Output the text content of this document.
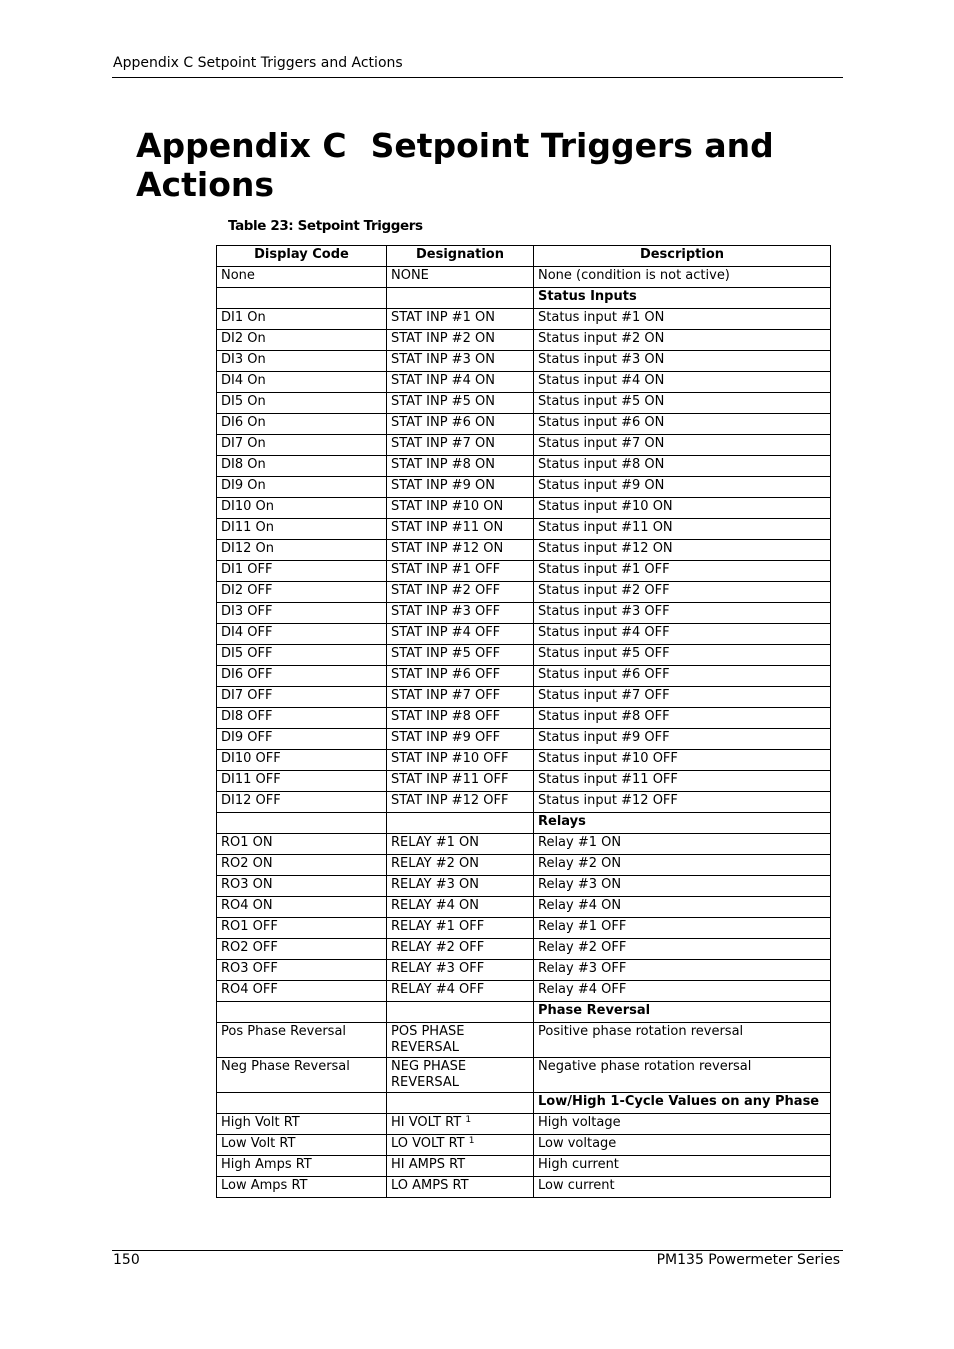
Appendix C Setpoint Triggers and Actions
Appendix C Setpoint Triggers and
Actions
Table 23: Setpoint Triggers
Display Code	Designation	Description
None	NONE	None (condition is not active)
		Status Inputs
DI1 On	STAT INP #1 ON	Status input #1 ON
DI2 On	STAT INP #2 ON	Status input #2 ON
DI3 On	STAT INP #3 ON	Status input #3 ON
DI4 On	STAT INP #4 ON	Status input #4 ON
DI5 On	STAT INP #5 ON	Status input #5 ON
DI6 On	STAT INP #6 ON	Status input #6 ON
DI7 On	STAT INP #7 ON	Status input #7 ON
DI8 On	STAT INP #8 ON	Status input #8 ON
DI9 On	STAT INP #9 ON	Status input #9 ON
DI10 On	STAT INP #10 ON	Status input #10 ON
DI11 On	STAT INP #11 ON	Status input #11 ON
DI12 On	STAT INP #12 ON	Status input #12 ON
DI1 OFF	STAT INP #1 OFF	Status input #1 OFF
DI2 OFF	STAT INP #2 OFF	Status input #2 OFF
DI3 OFF	STAT INP #3 OFF	Status input #3 OFF
DI4 OFF	STAT INP #4 OFF	Status input #4 OFF
DI5 OFF	STAT INP #5 OFF	Status input #5 OFF
DI6 OFF	STAT INP #6 OFF	Status input #6 OFF
DI7 OFF	STAT INP #7 OFF	Status input #7 OFF
DI8 OFF	STAT INP #8 OFF	Status input #8 OFF
DI9 OFF	STAT INP #9 OFF	Status input #9 OFF
DI10 OFF	STAT INP #10 OFF	Status input #10 OFF
DI11 OFF	STAT INP #11 OFF	Status input #11 OFF
DI12 OFF	STAT INP #12 OFF	Status input #12 OFF
		Relays
RO1 ON	RELAY #1 ON	Relay #1 ON
RO2 ON	RELAY #2 ON	Relay #2 ON
RO3 ON	RELAY #3 ON	Relay #3 ON
RO4 ON	RELAY #4 ON	Relay #4 ON
RO1 OFF	RELAY #1 OFF	Relay #1 OFF
RO2 OFF	RELAY #2 OFF	Relay #2 OFF
RO3 OFF	RELAY #3 OFF	Relay #3 OFF
RO4 OFF	RELAY #4 OFF	Relay #4 OFF
		Phase Reversal
Pos Phase Reversal	POS PHASE REVERSAL	Positive phase rotation reversal
Neg Phase Reversal	NEG PHASE REVERSAL	Negative phase rotation reversal
		Low/High 1-Cycle Values on any Phase
High Volt RT	HI VOLT RT $^1$	High voltage
Low Volt RT	LO VOLT RT $^1$	Low voltage
High Amps RT	HI AMPS RT	High current
Low Amps RT	LO AMPS RT	Low current
150	PM135 Powermeter Series
